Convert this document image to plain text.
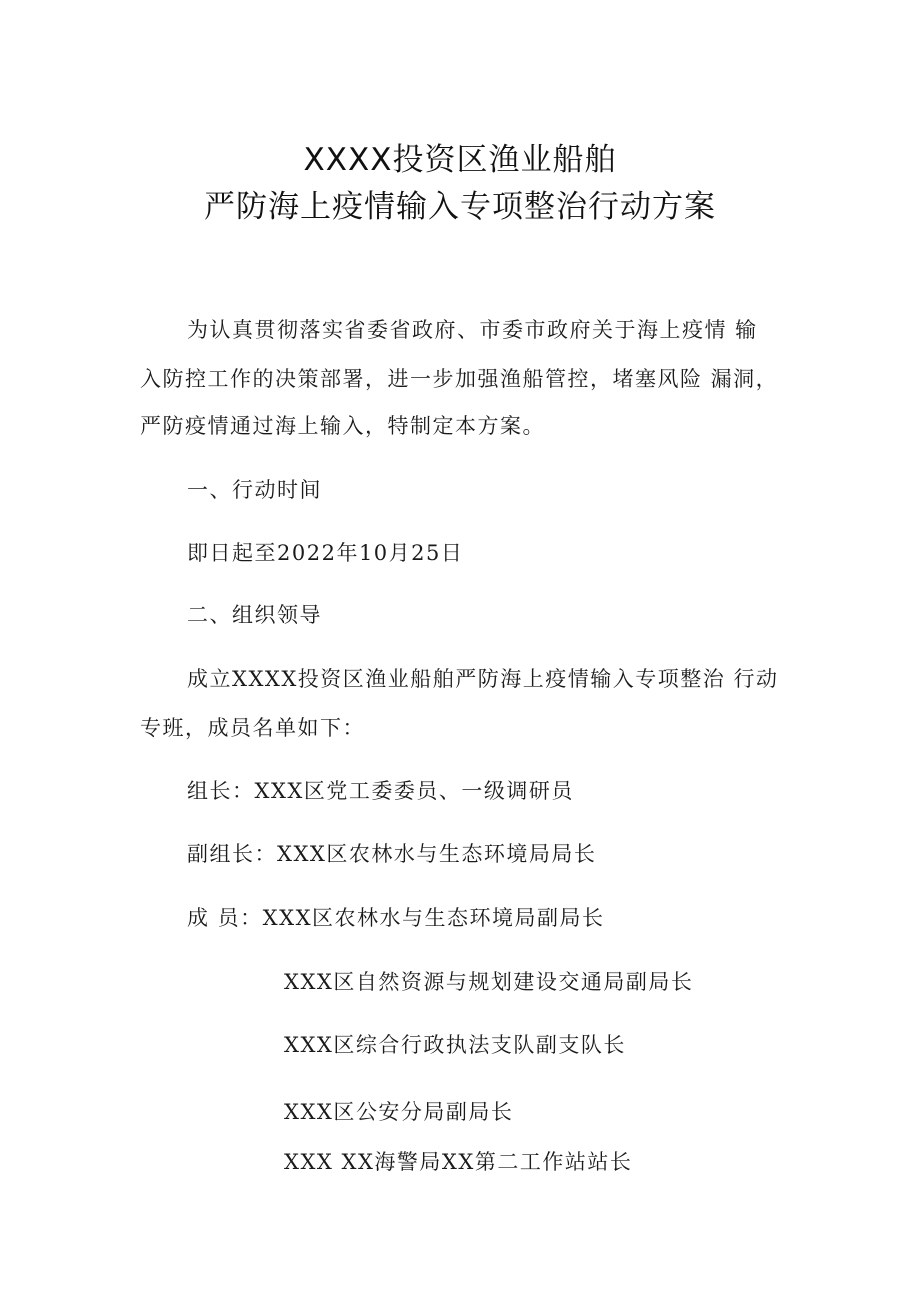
XXXX投资区渔业船舶
严防海上疫情输入专项整治行动方案
为认真贯彻落实省委省政府、市委市政府关于海上疫情 输
入防控工作的决策部署，进一步加强渔船管控，堵塞风险 漏洞，
严防疫情通过海上输入，特制定本方案。
一、行动时间
即日起至2022年10月25日
二、组织领导
成立XXXX投资区渔业船舶严防海上疫情输入专项整治 行动
专班，成员名单如下：
组长：XXX区党工委委员、一级调研员
副组长：XXX区农林水与生态环境局局长
成 员：XXX区农林水与生态环境局副局长
XXX区自然资源与规划建设交通局副局长
XXX区综合行政执法支队副支队长
XXX区公安分局副局长
XXX XX海警局XX第二工作站站长
